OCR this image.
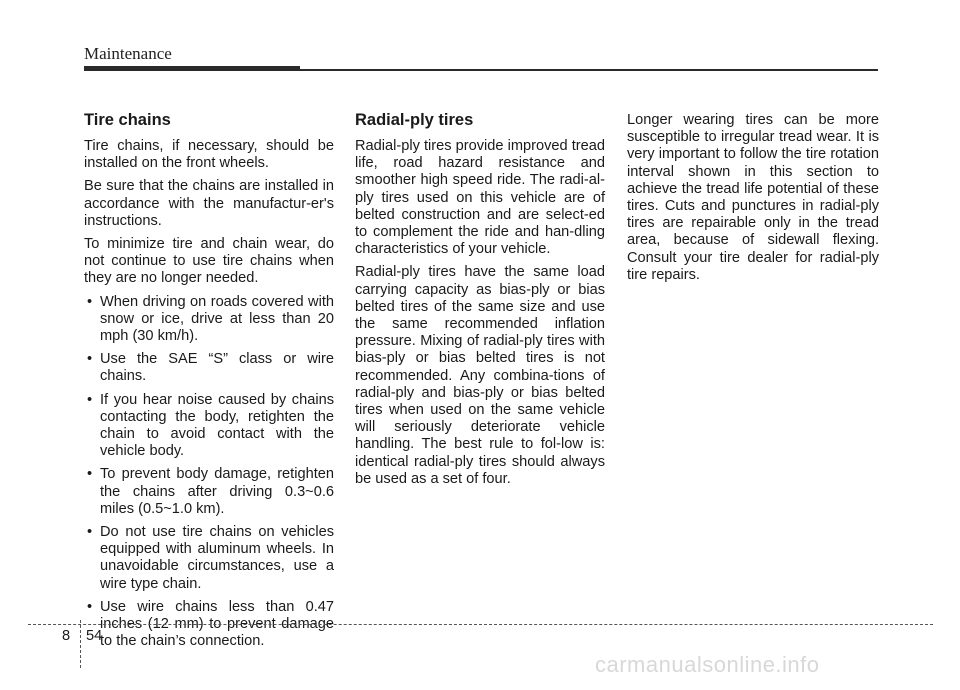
Maintenance
Tire chains

Tire chains, if necessary, should be installed on the front wheels.

Be sure that the chains are installed in accordance with the manufactur-er's instructions.

To minimize tire and chain wear, do not continue to use tire chains when they are no longer needed.

• When driving on roads covered with snow or ice, drive at less than 20 mph (30 km/h).
• Use the SAE “S” class or wire chains.
• If you hear noise caused by chains contacting the body, retighten the chain to avoid contact with the vehicle body.
• To prevent body damage, retighten the chains after driving 0.3~0.6 miles (0.5~1.0 km).
• Do not use tire chains on vehicles equipped with aluminum wheels. In unavoidable circumstances, use a wire type chain.
• Use wire chains less than 0.47 inches (12 mm) to prevent damage to the chain’s connection.
Radial-ply tires

Radial-ply tires provide improved tread life, road hazard resistance and smoother high speed ride. The radi-al-ply tires used on this vehicle are of belted construction and are select-ed to complement the ride and han-dling characteristics of your vehicle.

Radial-ply tires have the same load carrying capacity as bias-ply or bias belted tires of the same size and use the same recommended inflation pressure. Mixing of radial-ply tires with bias-ply or bias belted tires is not recommended. Any combina-tions of radial-ply and bias-ply or bias belted tires when used on the same vehicle will seriously deteriorate vehicle handling. The best rule to fol-low is: identical radial-ply tires should always be used as a set of four.

Longer wearing tires can be more susceptible to irregular tread wear. It is very important to follow the tire rotation interval shown in this section to achieve the tread life potential of these tires. Cuts and punctures in radial-ply tires are repairable only in the tread area, because of sidewall flexing. Consult your tire dealer for radial-ply tire repairs.

8 54
carmanualsonline.info
